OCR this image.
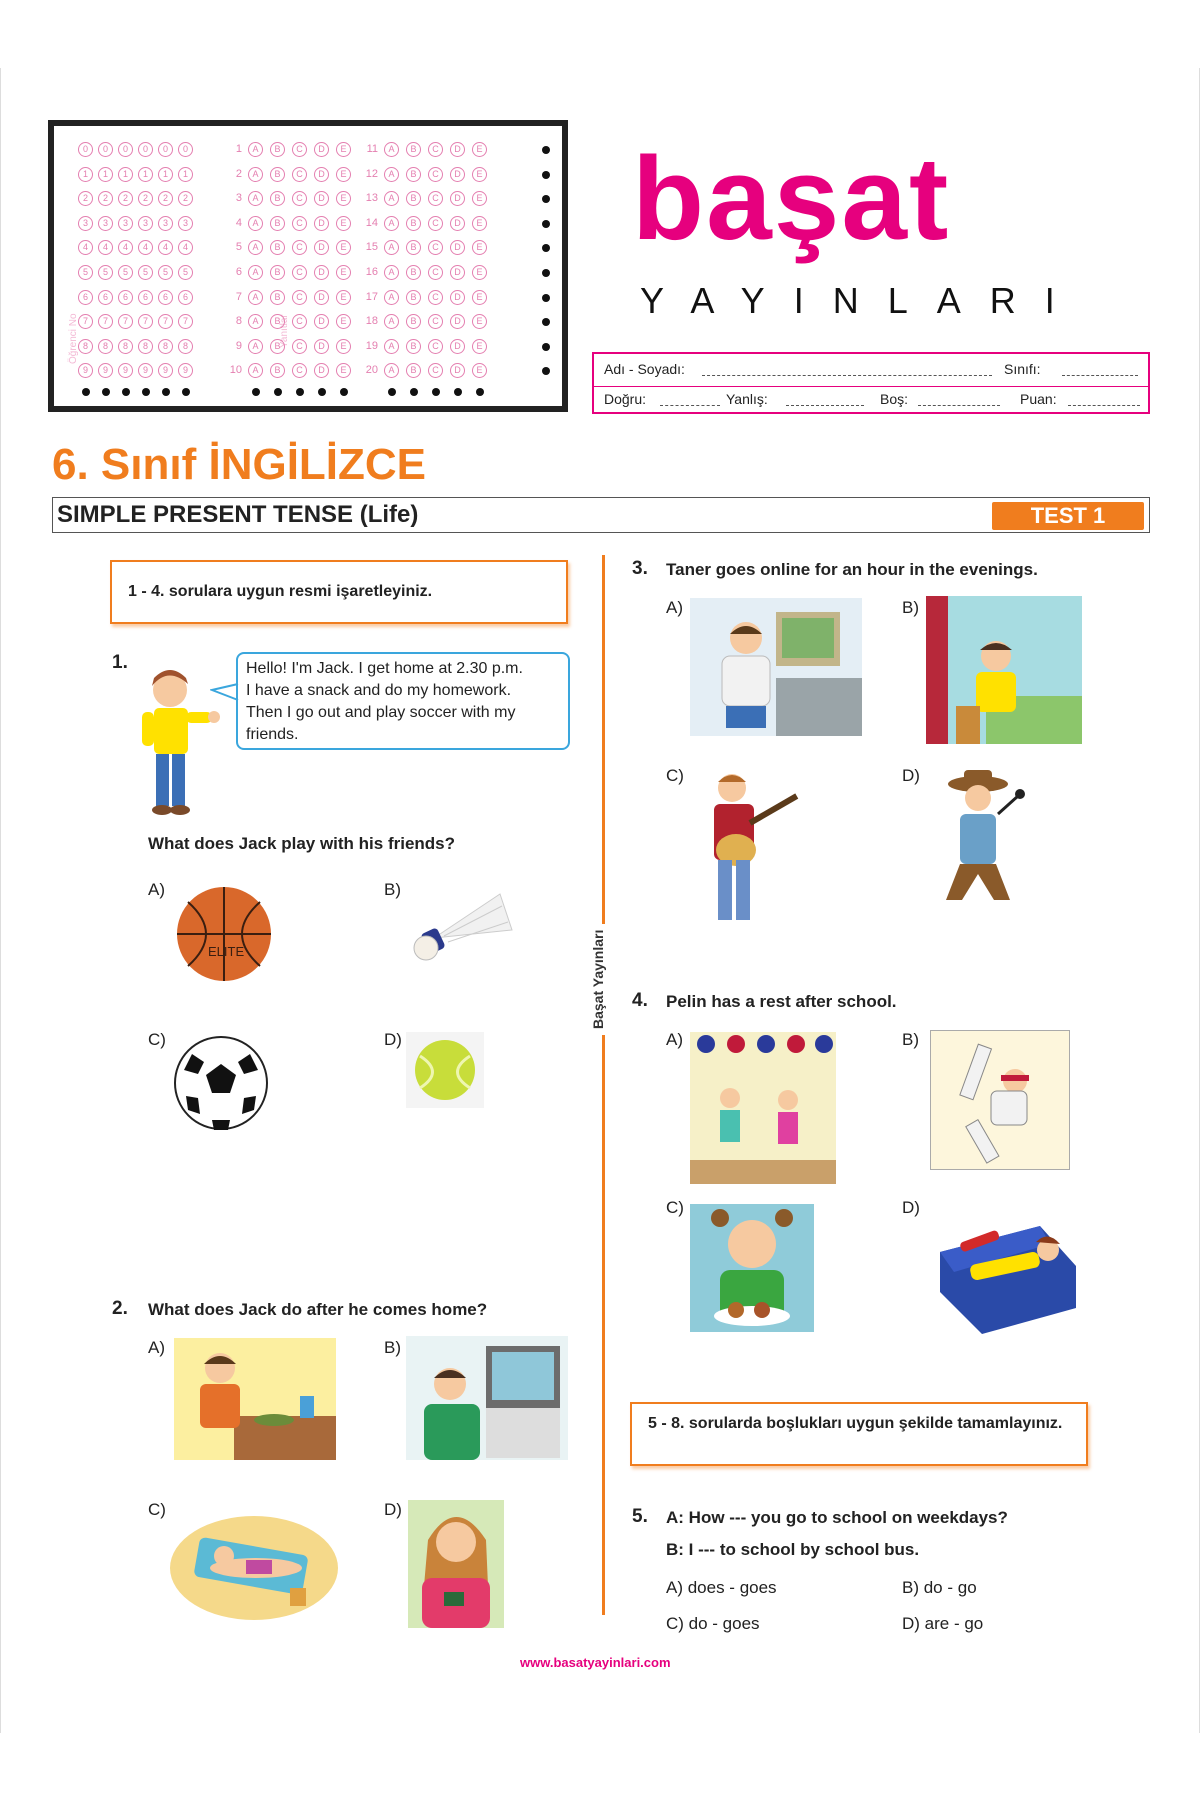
Öğrenci No	Yanıtlar
0	0	0	0	0	0	1	A	B	C	D	E	11	A	B	C	D	E
1	1	1	1	1	1	2	A	B	C	D	E	12	A	B	C	D	E
2	2	2	2	2	2	3	A	B	C	D	E	13	A	B	C	D	E
3	3	3	3	3	3	4	A	B	C	D	E	14	A	B	C	D	E
4	4	4	4	4	4	5	A	B	C	D	E	15	A	B	C	D	E
5	5	5	5	5	5	6	A	B	C	D	E	16	A	B	C	D	E
6	6	6	6	6	6	7	A	B	C	D	E	17	A	B	C	D	E
7	7	7	7	7	7	8	A	B	C	D	E	18	A	B	C	D	E
8	8	8	8	8	8	9	A	B	C	D	E	19	A	B	C	D	E
9	9	9	9	9	9	10	A	B	C	D	E	20	A	B	C	D	E
başat
YAYINLARI
Adı - Soyadı:	Sınıfı:
Doğru:	Yanlış:	Boş:	Puan:
6. Sınıf İNGİLİZCE
SIMPLE PRESENT TENSE (Life)	TEST 1
Başat Yayınları
1 - 4. sorulara uygun resmi işaretleyiniz.
1.	Hello! I'm Jack. I get home at 2.30 p.m.
I have a snack and do my homework.
Then I go out and play soccer with my
friends.
What does Jack play with his friends?
A)
ELITE
B)
C)	D)
2. What does Jack do after he comes home?
A)	B)
C)	D)
3. Taner goes online for an hour in the evenings.
A)	B)
C)	D)
4. Pelin has a rest after school.
A)	B)
C)	D)
5 - 8. sorularda boşlukları uygun şekilde tamamlayınız.
5. A: How --- you go to school on weekdays?
B: I --- to school by school bus.
A) does - goes	B) do - go
C) do - goes	D) are - go
www.basatyayinlari.com
